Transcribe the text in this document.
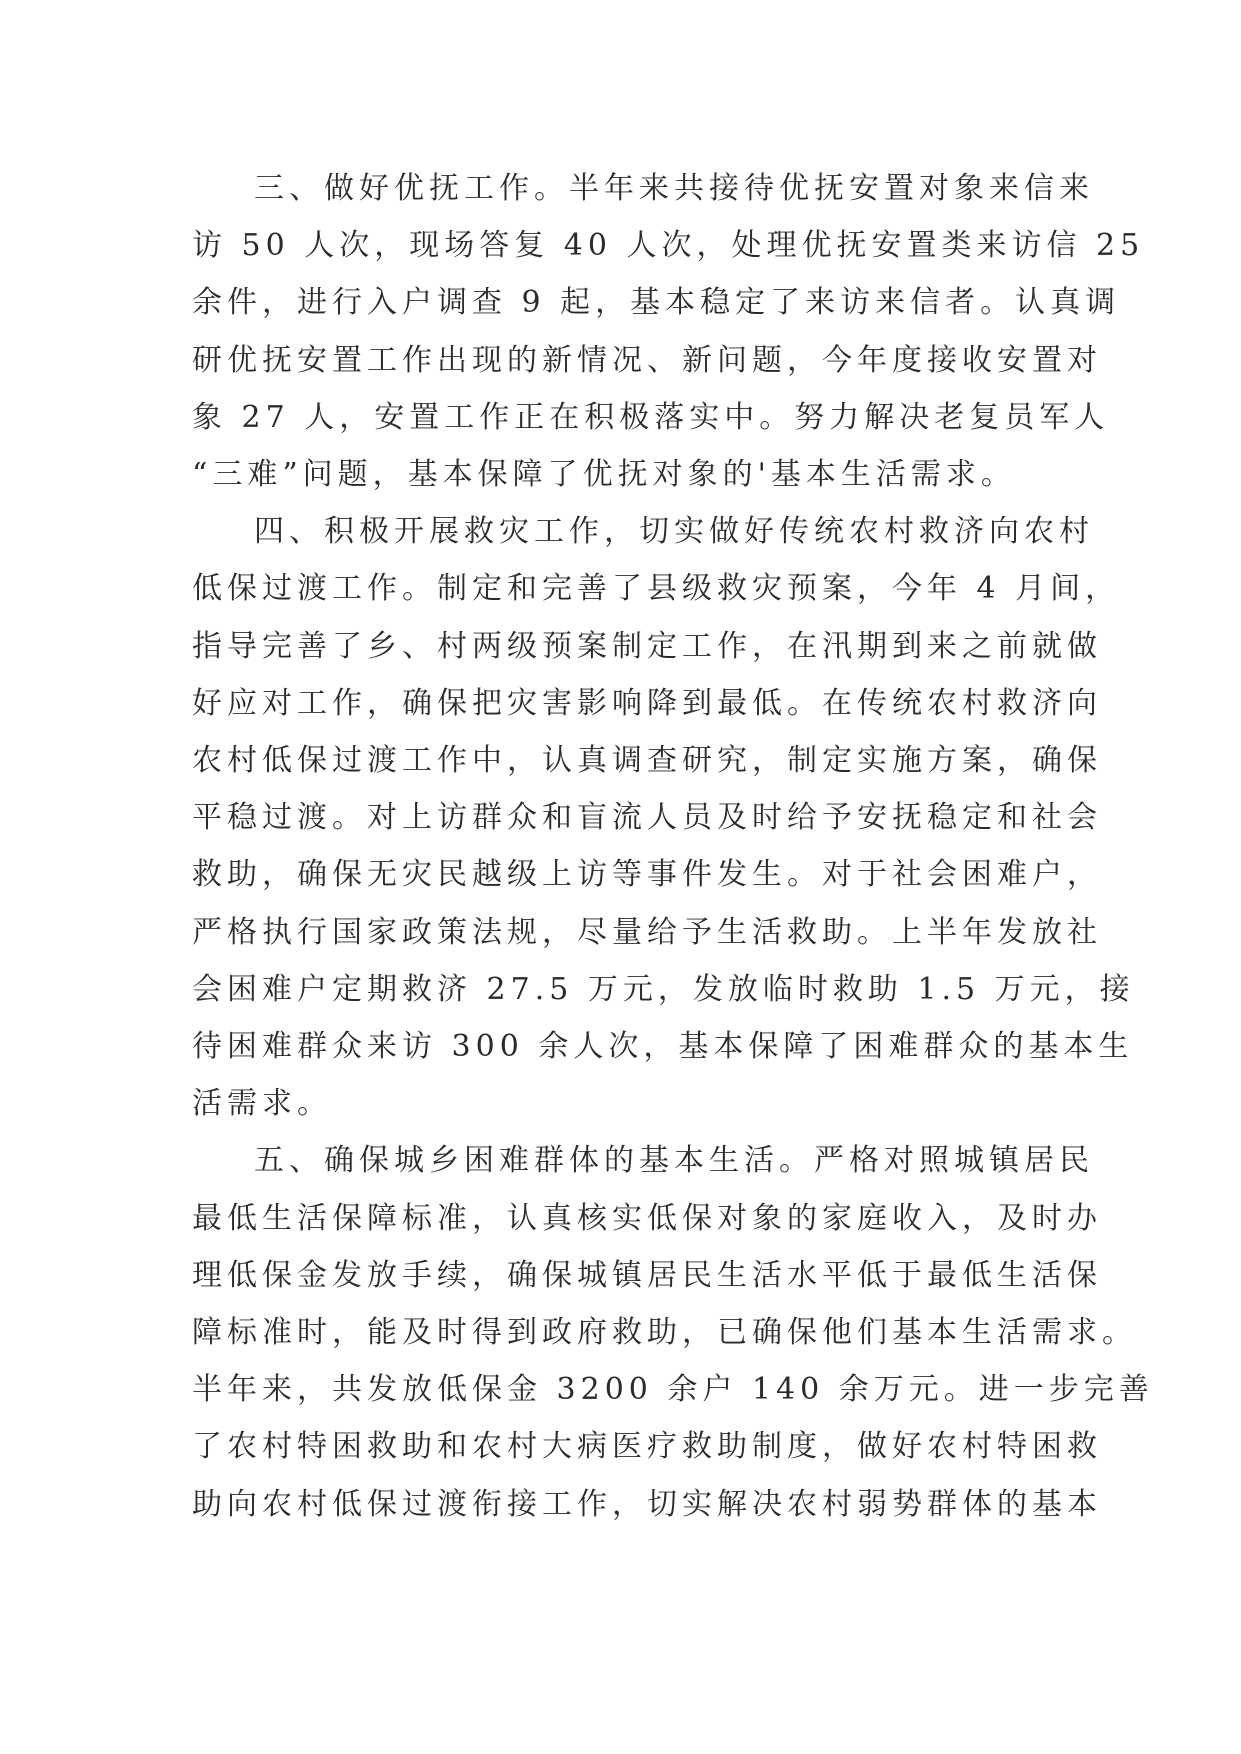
三、做好优抚工作。半年来共接待优抚安置对象来信来
访 50 人次，现场答复 40 人次，处理优抚安置类来访信 25
余件，进行入户调查 9 起，基本稳定了来访来信者。认真调
研优抚安置工作出现的新情况、新问题，今年度接收安置对
象 27 人，安置工作正在积极落实中。努力解决老复员军人
“三难”问题，基本保障了优抚对象的'基本生活需求。
四、积极开展救灾工作，切实做好传统农村救济向农村
低保过渡工作。制定和完善了县级救灾预案，今年 4 月间，
指导完善了乡、村两级预案制定工作，在汛期到来之前就做
好应对工作，确保把灾害影响降到最低。在传统农村救济向
农村低保过渡工作中，认真调查研究，制定实施方案，确保
平稳过渡。对上访群众和盲流人员及时给予安抚稳定和社会
救助，确保无灾民越级上访等事件发生。对于社会困难户，
严格执行国家政策法规，尽量给予生活救助。上半年发放社
会困难户定期救济 27.5 万元，发放临时救助 1.5 万元，接
待困难群众来访 300 余人次，基本保障了困难群众的基本生
活需求。
五、确保城乡困难群体的基本生活。严格对照城镇居民
最低生活保障标准，认真核实低保对象的家庭收入，及时办
理低保金发放手续，确保城镇居民生活水平低于最低生活保
障标准时，能及时得到政府救助，已确保他们基本生活需求。
半年来，共发放低保金 3200 余户 140 余万元。进一步完善
了农村特困救助和农村大病医疗救助制度，做好农村特困救
助向农村低保过渡衔接工作，切实解决农村弱势群体的基本
